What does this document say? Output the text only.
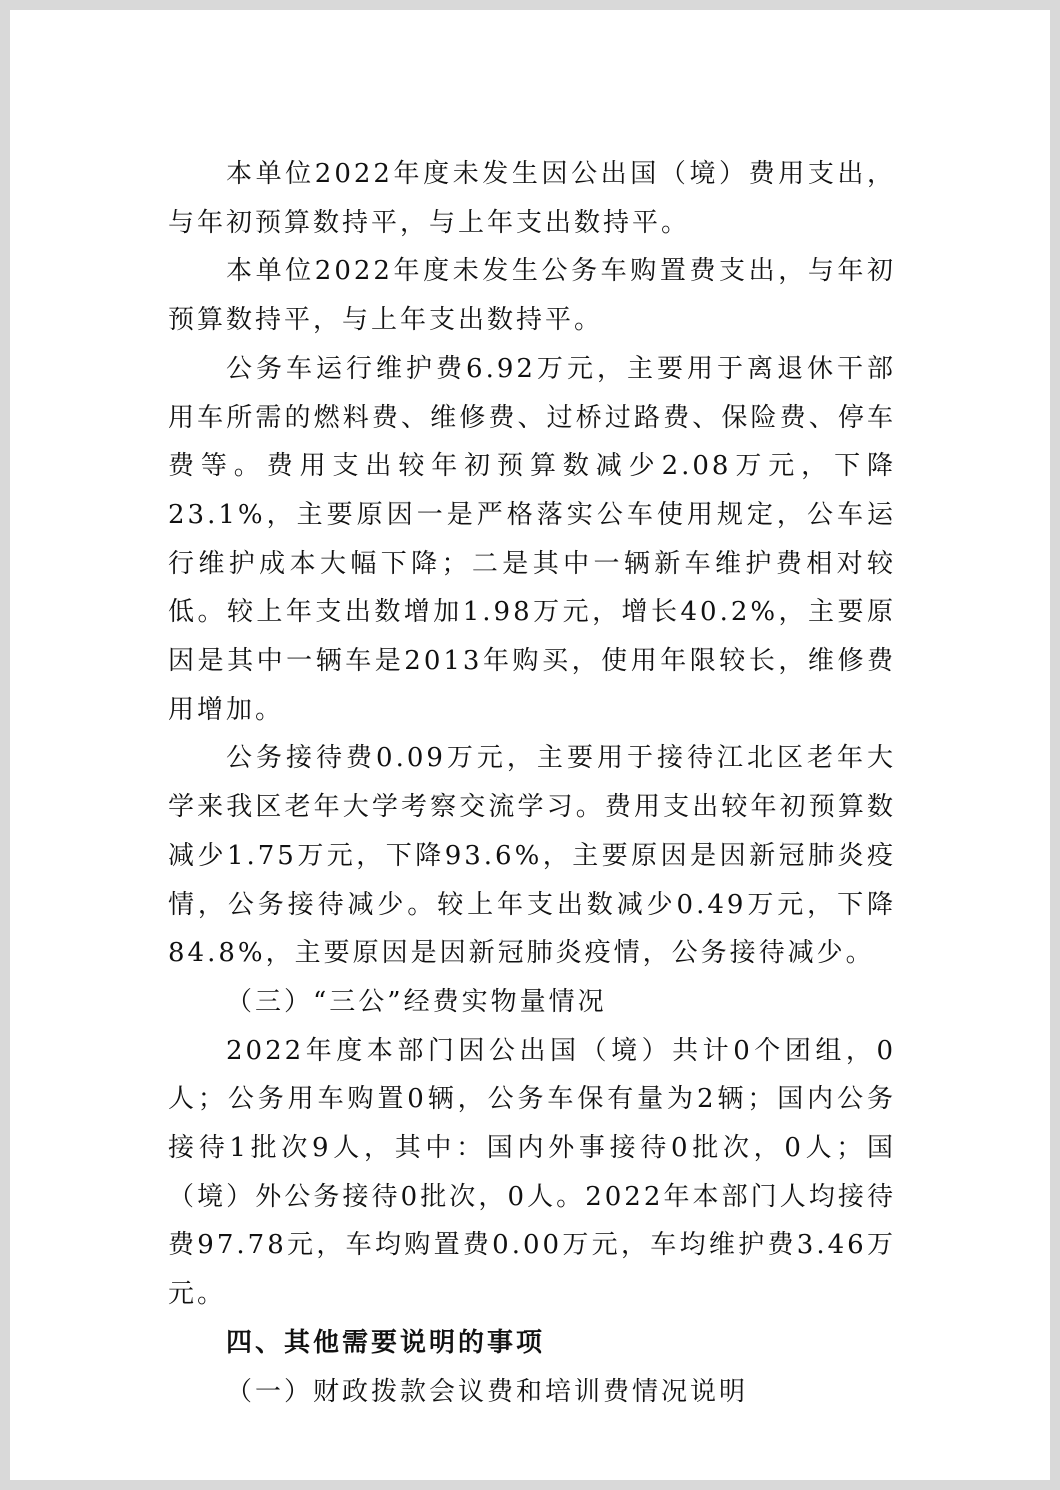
本单位2022年度未发生因公出国（境）费用支出，与年初预算数持平，与上年支出数持平。

本单位2022年度未发生公务车购置费支出，与年初预算数持平，与上年支出数持平。

公务车运行维护费6.92万元，主要用于离退休干部用车所需的燃料费、维修费、过桥过路费、保险费、停车费等。费用支出较年初预算数减少2.08万元，下降23.1%，主要原因一是严格落实公车使用规定，公车运行维护成本大幅下降；二是其中一辆新车维护费相对较低。较上年支出数增加1.98万元，增长40.2%，主要原因是其中一辆车是2013年购买，使用年限较长，维修费用增加。

公务接待费0.09万元，主要用于接待江北区老年大学来我区老年大学考察交流学习。费用支出较年初预算数减少1.75万元，下降93.6%，主要原因是因新冠肺炎疫情，公务接待减少。较上年支出数减少0.49万元，下降84.8%，主要原因是因新冠肺炎疫情，公务接待减少。

（三）“三公”经费实物量情况

2022年度本部门因公出国（境）共计0个团组，0人；公务用车购置0辆，公务车保有量为2辆；国内公务接待1批次9人，其中：国内外事接待0批次，0人；国（境）外公务接待0批次，0人。2022年本部门人均接待费97.78元，车均购置费0.00万元，车均维护费3.46万元。

四、其他需要说明的事项

（一）财政拨款会议费和培训费情况说明
